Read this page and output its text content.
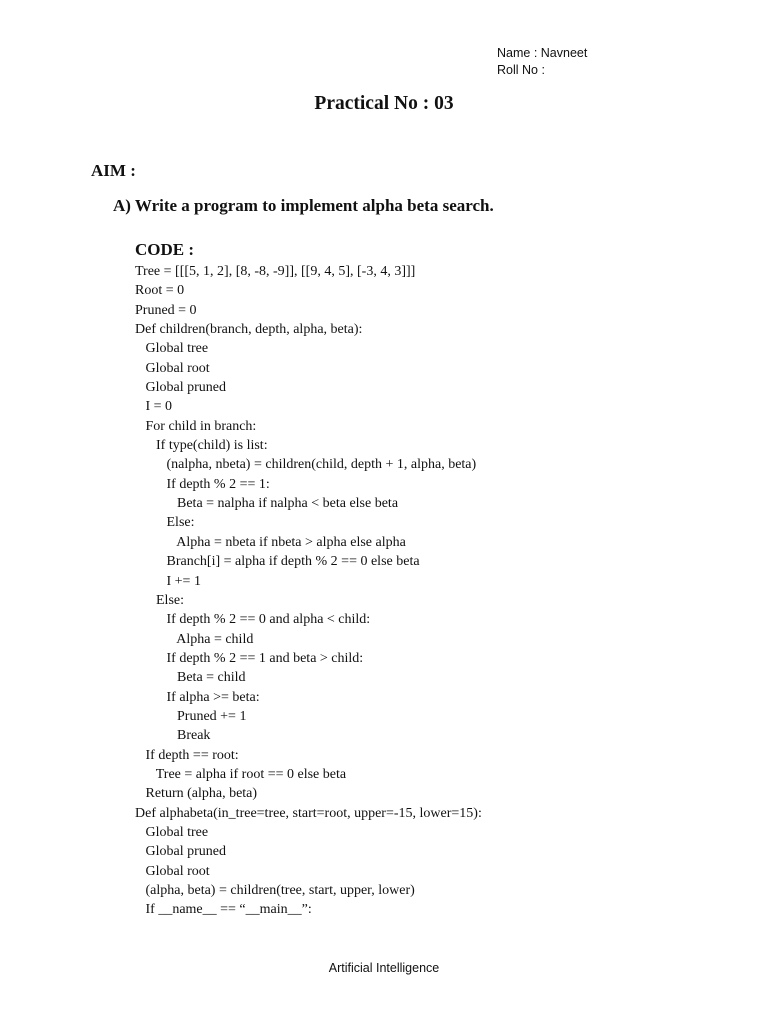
Name : Navneet
Roll No :
Practical No : 03
AIM :
A) Write a program to implement alpha beta search.
CODE :
Tree = [[[5, 1, 2], [8, -8, -9]], [[9, 4, 5], [-3, 4, 3]]]
Root = 0
Pruned = 0
Def children(branch, depth, alpha, beta):
Global tree
Global root
Global pruned
I = 0
For child in branch:
If type(child) is list:
(nalpha, nbeta) = children(child, depth + 1, alpha, beta)
If depth % 2 == 1:
Beta = nalpha if nalpha < beta else beta
Else:
Alpha = nbeta if nbeta > alpha else alpha
Branch[i] = alpha if depth % 2 == 0 else beta
I += 1
Else:
If depth % 2 == 0 and alpha < child:
Alpha = child
If depth % 2 == 1 and beta > child:
Beta = child
If alpha >= beta:
Pruned += 1
Break
If depth == root:
Tree = alpha if root == 0 else beta
Return (alpha, beta)
Def alphabeta(in_tree=tree, start=root, upper=-15, lower=15):
Global tree
Global pruned
Global root
(alpha, beta) = children(tree, start, upper, lower)
If __name__ == “__main__”:
Artificial Intelligence
